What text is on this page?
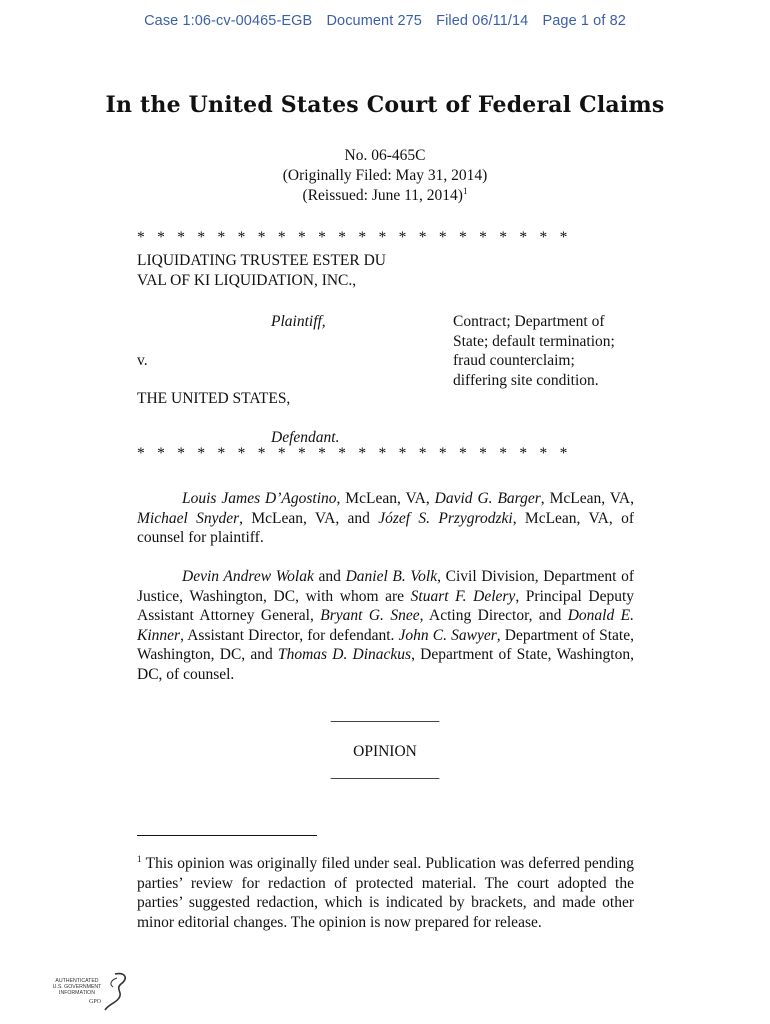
Case 1:06-cv-00465-EGB Document 275 Filed 06/11/14 Page 1 of 82
In the United States Court of Federal Claims
No. 06-465C
(Originally Filed: May 31, 2014)
(Reissued: June 11, 2014)$^1$
* * * * * * * * * * * * * * * * * * * * * *
LIQUIDATING TRUSTEE ESTER DU
VAL OF KI LIQUIDATION, INC.,
Plaintiff,
v.
THE UNITED STATES,
Defendant.
* * * * * * * * * * * * * * * * * * * * * *
Contract; Department of
State; default termination;
fraud counterclaim;
differing site condition.
Louis James D’Agostino, McLean, VA, David G. Barger, McLean, VA, Michael Snyder, McLean, VA, and Józef S. Przygrodzki, McLean, VA, of counsel for plaintiff.
Devin Andrew Wolak and Daniel B. Volk, Civil Division, Department of Justice, Washington, DC, with whom are Stuart F. Delery, Principal Deputy Assistant Attorney General, Bryant G. Snee, Acting Director, and Donald E. Kinner, Assistant Director, for defendant. John C. Sawyer, Department of State, Washington, DC, and Thomas D. Dinackus, Department of State, Washington, DC, of counsel.
______________
OPINION
______________
$^1$ This opinion was originally filed under seal. Publication was deferred pending parties’ review for redaction of protected material. The court adopted the parties’ suggested redaction, which is indicated by brackets, and made other minor editorial changes. The opinion is now prepared for release.
AUTHENTICATED
U.S. GOVERNMENT
INFORMATION
GPO
